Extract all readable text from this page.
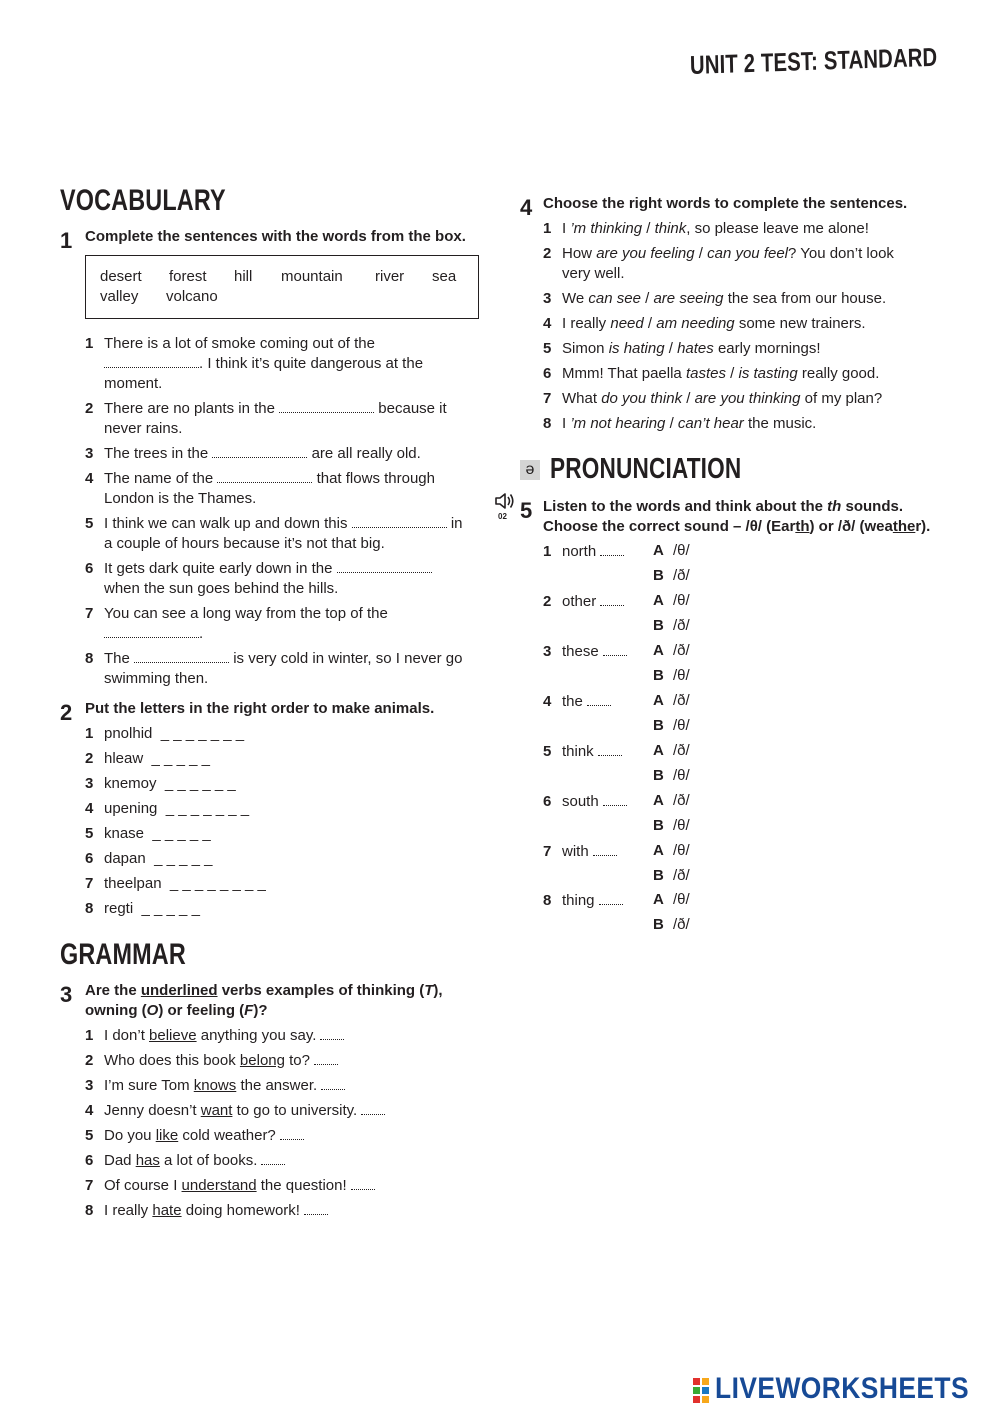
UNIT 2 TEST: STANDARD
VOCABULARY
1 Complete the sentences with the words from the box.
desert forest hill mountain river sea
valley volcano
1 There is a lot of smoke coming out of the
. I think it’s quite dangerous at the
moment.
2 There are no plants in the	because it
never rains.
3 The trees in the	are all really old.
4 The name of the	that flows through
London is the Thames.
5 I think we can walk up and down this	in
a couple of hours because it’s not that big.
6 It gets dark quite early down in the
when the sun goes behind the hills.
7 You can see a long way from the top of the
.
8 The	is very cold in winter, so I never go
swimming then.
2 Put the letters in the right order to make animals.
1 pnolhid _ _ _ _ _ _ _
2 hleaw _ _ _ _ _
3 knemoy _ _ _ _ _ _
4 upening _ _ _ _ _ _ _
5 knase _ _ _ _ _
6 dapan _ _ _ _ _
7 theelpan _ _ _ _ _ _ _ _
8 regti _ _ _ _ _
GRAMMAR
3 Are the underlined verbs examples of thinking (T),
owning (O) or feeling (F)?
1 I don’t believe anything you say.
2 Who does this book belong to?
3 I’m sure Tom knows the answer.
4 Jenny doesn’t want to go to university.
5 Do you like cold weather?
6 Dad has a lot of books.
7 Of course I understand the question!
8 I really hate doing homework!
4 Choose the right words to complete the sentences.
1 I ’m thinking / think, so please leave me alone!
2 How are you feeling / can you feel? You don’t look
very well.
3 We can see / are seeing the sea from our house.
4 I really need / am needing some new trainers.
5 Simon is hating / hates early mornings!
6 Mmm! That paella tastes / is tasting really good.
7 What do you think / are you thinking of my plan?
8 I ’m not hearing / can’t hear the music.
ə PRONUNCIATION
02 5 Listen to the words and think about the th sounds.
Choose the correct sound – /θ/ (Earth) or /ð/ (weather).
1 north	A /θ/
B /ð/
2 other	A /θ/
B /ð/
3 these	A /ð/
B /θ/
4 the	A /ð/
B /θ/
5 think	A /ð/
B /θ/
6 south	A /ð/
B /θ/
7 with	A /θ/
B /ð/
8 thing	A /θ/
B /ð/
LIVEWORKSHEETS
